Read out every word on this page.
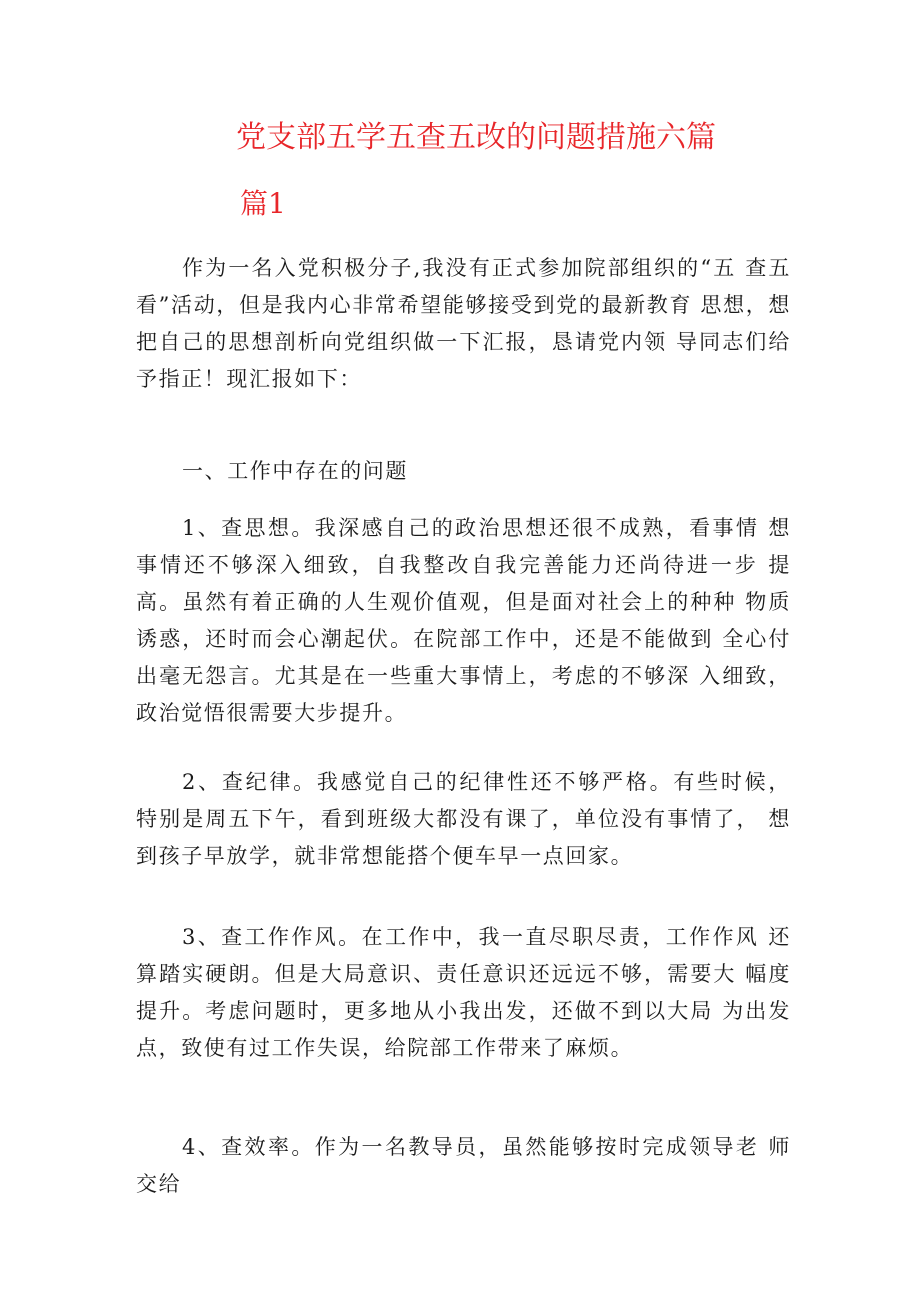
党支部五学五查五改的问题措施六篇
篇1

作为一名入党积极分子,我没有正式参加院部组织的“五 查五看”活动，但是我内心非常希望能够接受到党的最新教育 思想，想把自己的思想剖析向党组织做一下汇报，恳请党内领 导同志们给予指正！现汇报如下：

一、工作中存在的问题

1、查思想。我深感自己的政治思想还很不成熟，看事情 想事情还不够深入细致，自我整改自我完善能力还尚待进一步 提高。虽然有着正确的人生观价值观，但是面对社会上的种种 物质诱惑，还时而会心潮起伏。在院部工作中，还是不能做到 全心付出毫无怨言。尤其是在一些重大事情上，考虑的不够深 入细致，政治觉悟很需要大步提升。

2、查纪律。我感觉自己的纪律性还不够严格。有些时候， 特别是周五下午，看到班级大都没有课了，单位没有事情了， 想到孩子早放学，就非常想能搭个便车早一点回家。

3、查工作作风。在工作中，我一直尽职尽责，工作作风 还算踏实硬朗。但是大局意识、责任意识还远远不够，需要大 幅度提升。考虑问题时，更多地从小我出发，还做不到以大局 为出发点，致使有过工作失误，给院部工作带来了麻烦。

4、查效率。作为一名教导员，虽然能够按时完成领导老 师交给
